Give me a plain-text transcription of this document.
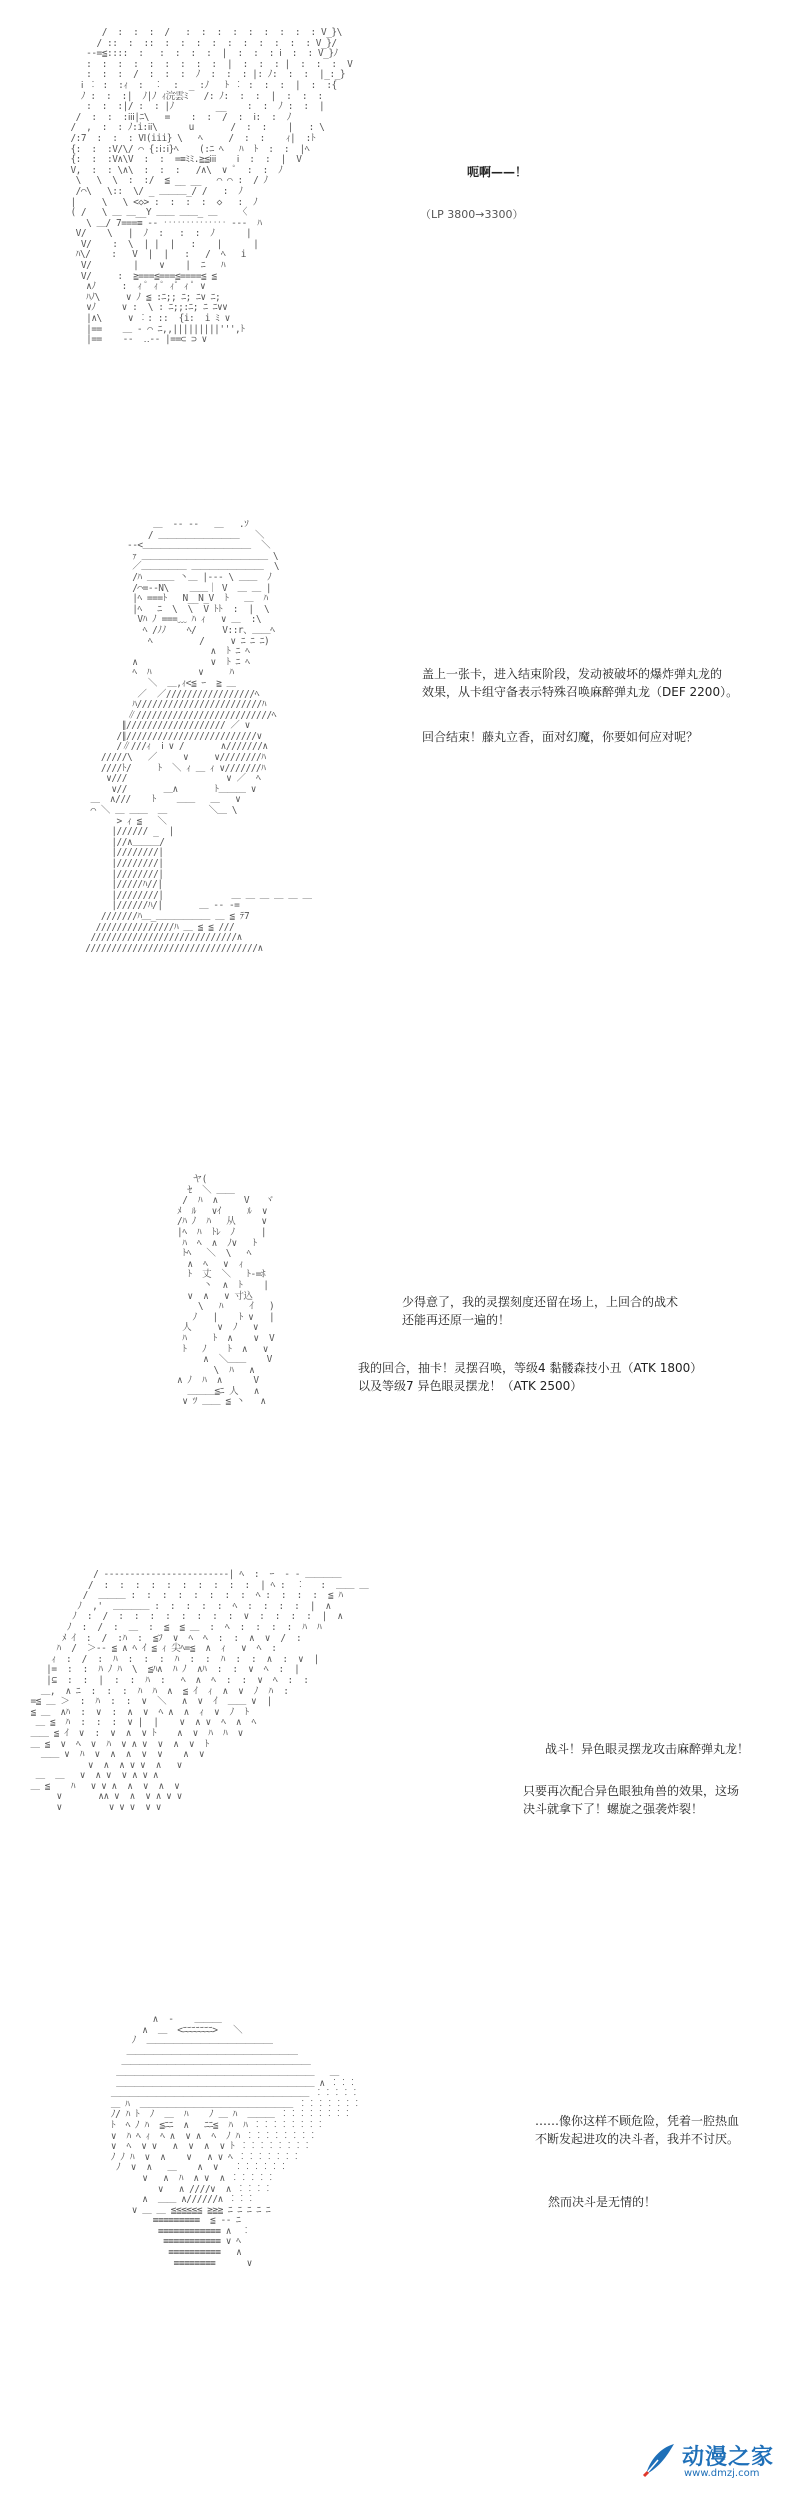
/  :  :  :  /   :  :  :  :  :  :  :  :  : V_}\
/ ::  :  ::  :  :  :  :  :  :  :  :  :  : V_}/
-‐=≦::::  :   :  :  :  :  |  :  :  : ⅰ  :  : V_}ﾉ
:  :  :  :  :  :  :  :  :  |  :  :  : |  :  :  :  V
:  :  :  /  :  :  :  ﾉ  :  :  : |: ﾉ:  :  :  |_:_}
ⅰ ︰ :  :ｨ  :  ︰  :  _ :ﾉ   ﾄ ︰ :  :  :  |  :  :{
ﾉ :  :  :|  ﾉ|ﾉ ｨ浣雲ﾐ   /: ﾉ:  :  :  |  :  :  :
:  :  :|/ :  : |ﾉ        __    :  :  ﾉ :  :  |
/  :  :  :ⅰⅰⅰ|ﾆ\   =    :  :  /  :  ⅰ:  :  ﾉ
/  ,  :  : ﾉ:i:ⅰⅰ\      u       /  :  :    |   : \
/:7  :  :  : VⅠ(iii} \   ﾍ     /  :  :    ｨ|  :ﾄ
{:  :  :V/\/ ⌒ {:ⅰ:ⅰ}ﾍ    (:ﾆ ﾍ   ﾊ  ﾄ  :  :  |ﾍ
{:  :  :V∧\V  :  :  =≡ﾐﾐ.≧≦ⅰⅰⅰ    ⅰ  :  :  |  V
V,  :  : \∧\  :  :  :   /∧\  ∨ ﾟ  :  :  ﾉ
\   \  \  :  :/  ≦ __ __   ⌒ ⌒ :  / ﾉ
/⌒\   \::  \/ _ ＿＿＿_/ /   :  ﾉ
|     \   \ <◇> :  :  :  :  ◇   :  ﾉ
( /   \ ＿ ＿__Y ＿＿ ＿＿_ ＿    〈
\ ＿/ 7===≡ -‐ ‥‥‥‥‥‥‥ -‐-  ﾊ
V/    \   |  ﾉ  :   :  :  ﾉ      |
V/    :  \  | |  |   :    |      |
ﾊ\/    :   V  |  |   :   /  ﾍ   i
V/        |    ∨    |  ﾆ   ﾊ
V/     :  ≧===≦===≦====≦ ≦
∧ﾉ     :  ｨ ﾟ ｨ ﾟ ｨﾟ ｨ ﾟ ∨
ﾊﾉ\     ∨ ﾉ ≦ :ﾆ;; ﾆ; ﾆ∨ ﾆ;
∨ﾉ     ∨ :  \ : ﾆ;;:ﾆ; ﾆ ﾆ∨∨
|∧\     ∨ ︰: ::  {i:  i ﾐ ∨
|==    ＿ ‐ ⌒ ﾆ,,|||||||||''',ﾄ
|==    ‐‐  ‥‐‐ |==⊂ ⊃ ∨
呃啊——！
（LP 3800→3300）
＿  ‐‐ ‐‐   ＿   .ｿ
/ ＿＿＿＿＿＿＿＿＿   ＼
-‐<＿＿＿＿＿＿＿＿＿＿＿＿  ＼
ｧ ＿＿＿＿＿＿＿＿＿＿＿＿＿＿ \
／＿＿＿＿＿ ＿＿＿＿＿＿＿＿  \
/ﾊ ＿＿＿ 丶＿ |-‐‐ \ ＿＿  ﾉ
/⌒=‐‐N\    ＿＿｜ V  ＿ ＿ |
|ﾍ ===ﾄ   N__N_V  ﾄ   ＿  ﾊ
|ﾍ   ﾆ  \  \  V ﾄﾄ  :  |  \
Vﾊ ﾉ ===﹏ ﾊ ｨ   ∨ ＿  :\
ﾍ /ﾉﾉ    ﾍ/     V::r、＿＿ﾍ
ﾍ         /     ∨ ﾆ ﾆ ﾆ)
∧  ﾄ ﾆ ﾍ
∧              ∨  ﾄ ﾆ ﾍ
ﾍ  ﾊ         ∨     ﾊ
＼  ＿,ｨ<≦ ｰ  ≧ ＿
／  ／/////////////////ﾍ
ﾊ////////////////////////ﾊ
∥//////////////////////////ﾍ
∥/////////////////// ／ ∨
/∥/////////////////////////∨
/∥///ｨ  ⅰ ∨ /       ∧///////∧
/////\   ／     ∨     ∨////////ﾊ
////ﾄ/     ﾄ  ＼ ｨ ＿ ｨ ∨///////ﾊ
∨///                   ∨ ／  ﾍ
∨//       ＿∧       ﾄ＿＿＿ ∨
＿  ∧///    ﾄ    ＿＿   ＿   ∨
⌒ ＼ ＿ ＿＿  ＿        ＼＿ \
> ｨ ≦   ＼
|////// _  |
|//∧＿＿＿/
|////////|
|////////|
|////////|
|/////ﾊ//|
|////////|             ＿ ＿ ＿ ＿ ＿ ＿
|//////ﾊ/|       ＿ -‐ ‐=
///////ﾊ＿_＿＿＿＿＿＿ ＿ ≦ ﾃ7
///////////////ﾊ ＿ ≦ ≦ ///
////////////////////////////∧
/////////////////////////////////∧
盖上一张卡，进入结束阶段，发动被破坏的爆炸弹丸龙的
效果，从卡组守备表示特殊召唤麻醉弹丸龙（DEF 2200）。
回合结束！藤丸立香，面对幻魔，你要如何应对呢？
ヤ(
ｾ  ＼ ＿＿
/  ﾊ  ∧     V   ヾ
ﾒ  ﾙ   ∨ｲ     ﾙ  ∨
/ﾊ ﾉ  ﾊ   从     ∨
|ﾍ  ﾊ  ﾄﾚ  ﾉ     |
ﾊ  ﾍ  ∧  ﾉ∨   ﾄ
ﾄﾍ   ＼  \   ﾍ
∧  ﾍ   ∨  ｨ
ﾄ  丈  ＼   ﾄ‐=ﾎ
丶  ∧  ﾄ    |
∨  ∧   ∨ 寸込
\   ﾊ     ｲ   )
ﾉ   |    ﾄ ∨   |
人     ∨  ﾉ   ∨
ﾊ     ﾄ  ∧    ∨  V
ﾄ   ﾉ    ﾄ  ∧   ∨
∧  ＼＿＿    V
\  ﾊ   ∧
∧ ﾉ  ﾊ  ∧      V
＿＿＿≦ﾆ 人   ∧
∨ ﾂ ＿＿ ≦ 丶   ∧
少得意了，我的灵摆刻度还留在场上，上回合的战术
还能再还原一遍的！
我的回合，抽卡！灵摆召唤，等级4 黏髅森技小丑（ATK 1800）
以及等级7 异色眼灵摆龙！（ATK 2500）
/ ‐‐‐‐‐‐‐‐‐‐‐‐‐‐‐‐‐‐‐‐‐‐‐‐| ﾍ  :  ｰ  ‐ ‐ ＿＿＿＿
/  :  :  :  :  :  :  :  :  :  :  | ﾍ :  ︰   :  ＿＿ ＿
/  ＿＿＿ :  :  :  :  :  :  :  :  ﾍ :  :  :  :  ≦ ﾊ
ﾉ  ,'  ＿＿＿＿ :  :  :  :  :  ﾍ  :  :  :  :  |  ∧
ﾉ  :  /  :  :  :  :  :  :  :  :  ∨  :  :  :  :  |  ∧
ﾉ  :  /  :  ＿  :  ≦  ≦ ＿  :  ﾍ  :  :  :  :  ﾊ  ﾊ
ﾒ ｲ  :  /  :ﾊ  :  ≦ﾌ  ∨  ﾍ  ﾍ  :  :  ∧  ∨  /  :
ﾊ  /  ＞‐‐ ≦ ∧ ﾍ ｲ ≦ ｨ 尖ﾍ=≦  ∧  ｨ   ∨  ﾍ  :
ｨ  :  /  :  ﾊ  :  :  :  ﾊ  :  :  ﾊ  :  :  ∧  :  ∨  |
|=  :  :  ﾊ ﾉ ﾊ  \  ≦ﾊ∧  ﾊ ﾉ  ∧ﾊ  :  :  ∨  ﾍ  :  |
|⊆  :  :  |  :  :  ﾊ  :   ﾍ  ∧  ﾍ  :  :  ∨  ﾍ  :  :
＿,  ∧ ﾆ  :  :  :  ﾊ  ﾊ  ∧  ≦ ｲ  ｨ  ∧  ∨  ﾉ  ﾊ  :
=≦ ＿ ＞  :  ﾊ  :  :  ∨  ＼   ∧  ∨  ｲ  ＿＿ ∨  |
≦ ＿  ∧ﾊ  :  ∨  :  ∧  ∨  ﾍ ∧  ∧  ｨ  ∨  ﾉ  ﾄ
＿ ≦  ﾊ  :  :  :  ∨ |  |    ∨  ∧ ∨  ﾍ  ∧  ﾍ
＿＿ ≦ ｲ  ∨  :  ∨  ∧  ∨ ﾄ    ∧  ∨  ﾊ  ﾊ  ∨
＿ ≦  ∨  ﾍ  ∨  ﾊ  ∨ ∧ ∨  ∨  ∧  ∨  ﾄ
＿＿ ∨  ﾊ  ∨  ∧  ∧  ∨  ∨    ∧  ∨
∨  ∧  ∧ ∨ ∨  ∧   ∨
＿  ＿   ∨  ∧ ∨  ∨ ∧ ∨ ∧
＿ ≦    ﾊ   ∨ ∨ ∧  ∧  ∨  ∧  ∨
∨       ∧∧ ∨  ∧  ∨ ∧ ∨ ∨
∨         ∨ ∨ ∨  ∨ ∨
战斗！异色眼灵摆龙攻击麻醉弹丸龙！
只要再次配合异色眼独角兽的效果，这场
决斗就拿下了！螺旋之强袭炸裂！
∧  ‐    ＿＿＿
∧  ＿  <ﾆﾆﾆﾆﾆﾆﾆ>   ＼
ﾉ  ＿＿＿＿＿＿＿＿＿＿＿＿＿＿
＿＿＿＿＿＿＿＿＿＿＿＿＿＿＿＿＿＿＿
＿＿＿＿＿＿＿＿＿＿＿＿＿＿＿＿＿＿＿＿＿
＿＿＿＿＿＿＿＿＿＿＿＿＿＿＿＿＿＿＿＿＿＿   ＿
＿＿＿＿＿＿＿＿＿＿＿＿＿＿＿＿＿＿＿＿＿＿ ∧ ︰︰︰
＿＿＿＿＿＿＿＿＿＿＿＿＿＿＿＿＿＿＿＿＿＿ ︰︰︰︰︰
＿ ﾊ  ＿＿＿＿＿＿＿＿＿＿＿＿＿＿＿＿＿ ︰︰︰︰︰︰︰
ﾉ/ ﾊ ﾄ  ﾉ  ＿  ﾊ    ﾉ ＿ ﾊ  ＿＿＿ ︰︰︰︰︰︰︰︰
ﾄ  ﾍ ﾉ ﾊ  ≦ﾆﾆ  ∧   ﾆﾆ≦  ﾊ  ﾊ ︰︰︰︰︰︰︰︰
∨  ﾊ ﾍ ｨ  ﾍ ∧  ∨ ∧  ﾍ  ﾉ ﾊ ︰︰︰︰︰︰︰︰
∨  ﾍ  ∨ ∨   ∧  ∨  ∧  ∨ ﾄ ︰︰︰︰︰︰︰︰
ﾉ ﾉ ﾊ  ∨  ∧    ∨   ∧ ∨ ﾍ ︰︰︰︰︰︰︰
ﾉ  ∨  ∧   ＿    ∧  ∨   ︰︰︰︰︰︰
∨   ∧  ﾊ  ∧ ∨  ∧ ︰︰︰︰︰
∨   ∧ ////∨  ∧ ︰︰︰︰
∧  ＿＿ ∧//////∧ ︰︰︰
∨ ＿ ＿ ≦≦≦≦≦≦ ≧≧≧ ﾆ ﾆ ﾆ ﾆ ﾆ
≡≡≡≡≡≡≡≡≡  ≦ ‐‐ ﾆ
≡≡≡≡≡≡≡≡≡≡≡≡ ∧  ︰
≡≡≡≡≡≡≡≡≡≡≡ ∨ ﾍ
≡≡≡≡≡≡≡≡≡≡   ∧
≡≡≡≡≡≡≡≡      ∨
……像你这样不顾危险，凭着一腔热血
不断发起进攻的决斗者，我并不讨厌。
然而决斗是无情的！
动漫之家
www.dmzj.com
